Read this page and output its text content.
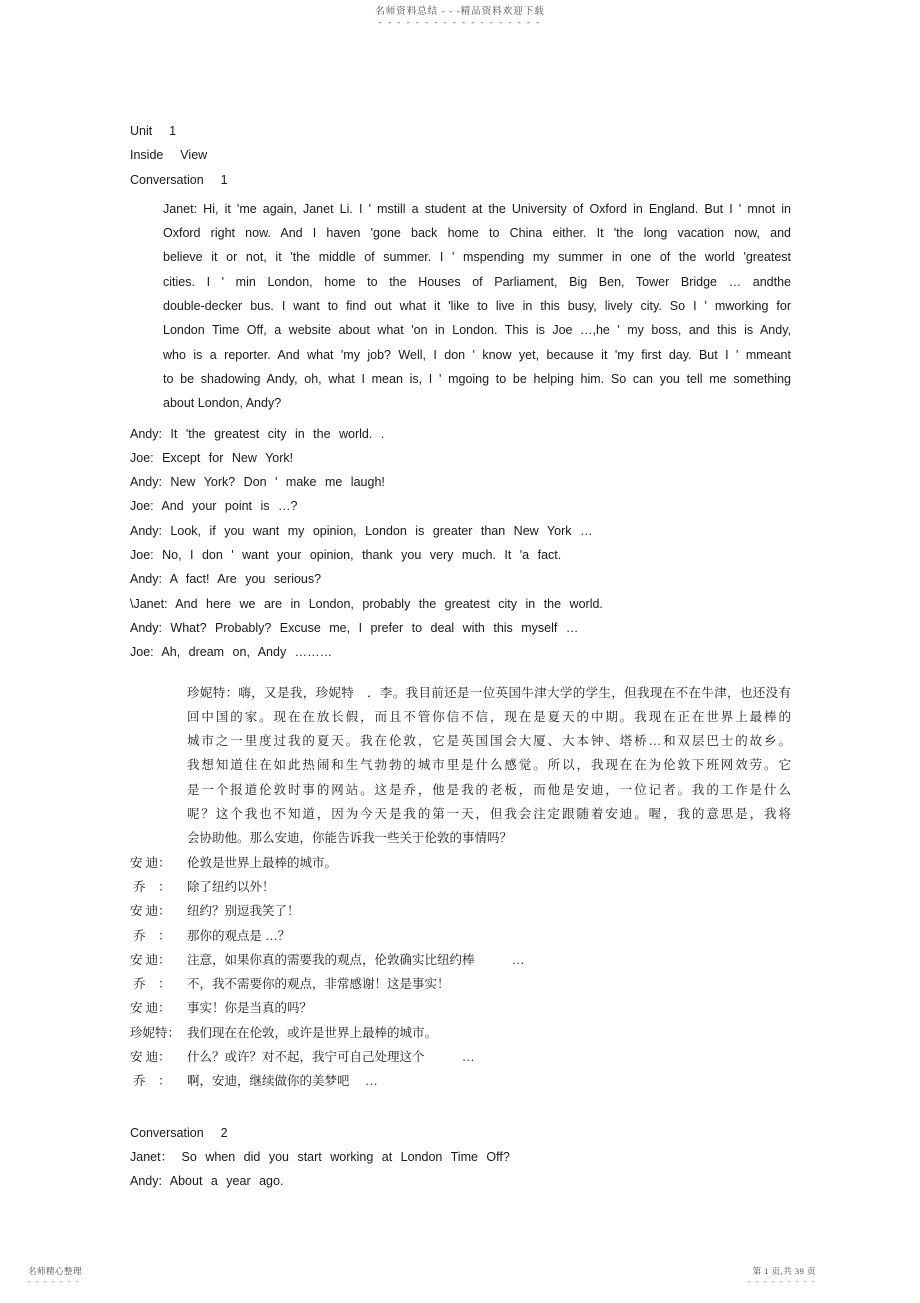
名师资料总结 - - -精品资料欢迎下载
- - - - - - - - - - - - - - - - - -
Unit  1
Inside  View
Conversation  1
Janet: Hi, it 'me again, Janet Li. I ' mstill a student at the University of Oxford in England. But I ' mnot in
Oxford right now. And I haven 'gone back home to China either. It 'the long vacation now, and
believe it or not, it 'the middle of summer. I ' mspending my summer in one of the world 'greatest
cities. I ' min London, home to the Houses of Parliament, Big Ben, Tower Bridge … andthe
double-decker bus. I want to find out what it 'like to live in this busy, lively city. So I ' mworking for
London Time Off, a website about what 'on in London. This is Joe …,he ' my boss, and this is Andy,
who is a reporter. And what 'my job? Well, I don ' know yet, because it 'my first day. But I ' mmeant
to be shadowing Andy, oh, what I mean is, I ' mgoing to be helping him. So can you tell me something
about London, Andy?
Andy: It 'the greatest city in the world. .
Joe: Except for New York!
Andy: New York? Don ' make me laugh!
Joe: And your point is …?
Andy: Look, if you want my opinion, London is greater than New York …
Joe: No, I don ' want your opinion, thank you very much. It 'a fact.
Andy: A fact! Are you serious?
\Janet: And here we are in London, probably the greatest city in the world.
Andy: What? Probably? Excuse me, I prefer to deal with this myself …
Joe: Ah, dream on, Andy ………
珍妮特：嗨，又是我，珍妮特　．李。我目前还是一位英国牛津大学的学生，但我现在不在牛津，也还没有
回中国的家。现在在放长假，而且不管你信不信，现在是夏天的中期。我现在正在世界上最棒的
城市之一里度过我的夏天。我在伦敦，它是英国国会大厦、大本钟、塔桥…和双层巴士的故乡。
我想知道住在如此热闹和生气勃勃的城市里是什么感觉。所以，我现在在为伦敦下班网效劳。它
是一个报道伦敦时事的网站。这是乔，他是我的老板，而他是安迪，一位记者。我的工作是什么
呢？这个我也不知道，因为今天是我的第一天，但我会注定跟随着安迪。喔，我的意思是，我将
会协助他。那么安迪，你能告诉我一些关于伦敦的事情吗？
安 迪： 伦敦是世界上最棒的城市。
乔　： 除了纽约以外！
安 迪： 纽约？别逗我笑了！
乔　： 那你的观点是 …？
安 迪： 注意，如果你真的需要我的观点，伦敦确实比纽约棒　　　…
乔　： 不，我不需要你的观点，非常感谢！这是事实！
安 迪： 事实！你是当真的吗？
珍妮特： 我们现在在伦敦，或许是世界上最棒的城市。
安 迪： 什么？或许？对不起，我宁可自己处理这个　　　…
乔　： 啊，安迪，继续做你的美梦吧　 …
Conversation  2
Janet： So when did you start working at London Time Off?
Andy: About a year ago.
名师精心整理
- - - - - - -
第 1 页,共 39 页
- - - - - - - - -
